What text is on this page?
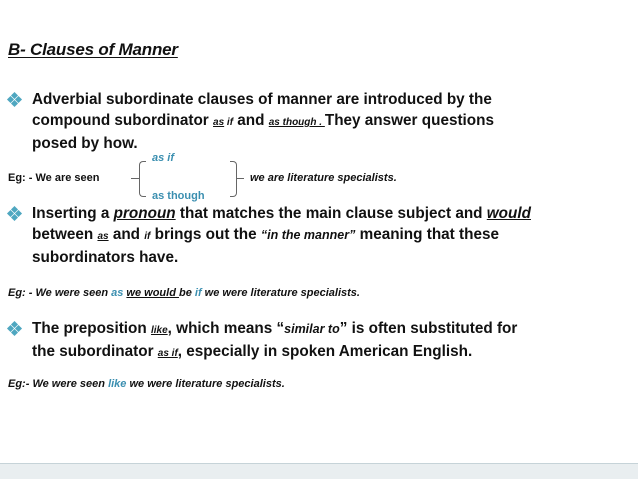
B- Clauses of Manner
Adverbial subordinate clauses of manner are introduced by the
compound subordinator as if and as though . They answer questions
posed by how.
Eg: - We are seen
as if
as though
we are literature specialists.
Inserting a pronoun that matches the main clause subject and would
between as and if brings out the “in the manner” meaning that these
subordinators have.
Eg: - We were seen as we would be if we were literature specialists.
The preposition like, which means “similar to” is often substituted for
the subordinator as if, especially in spoken American English.
Eg:- We were seen like we were literature specialists.
